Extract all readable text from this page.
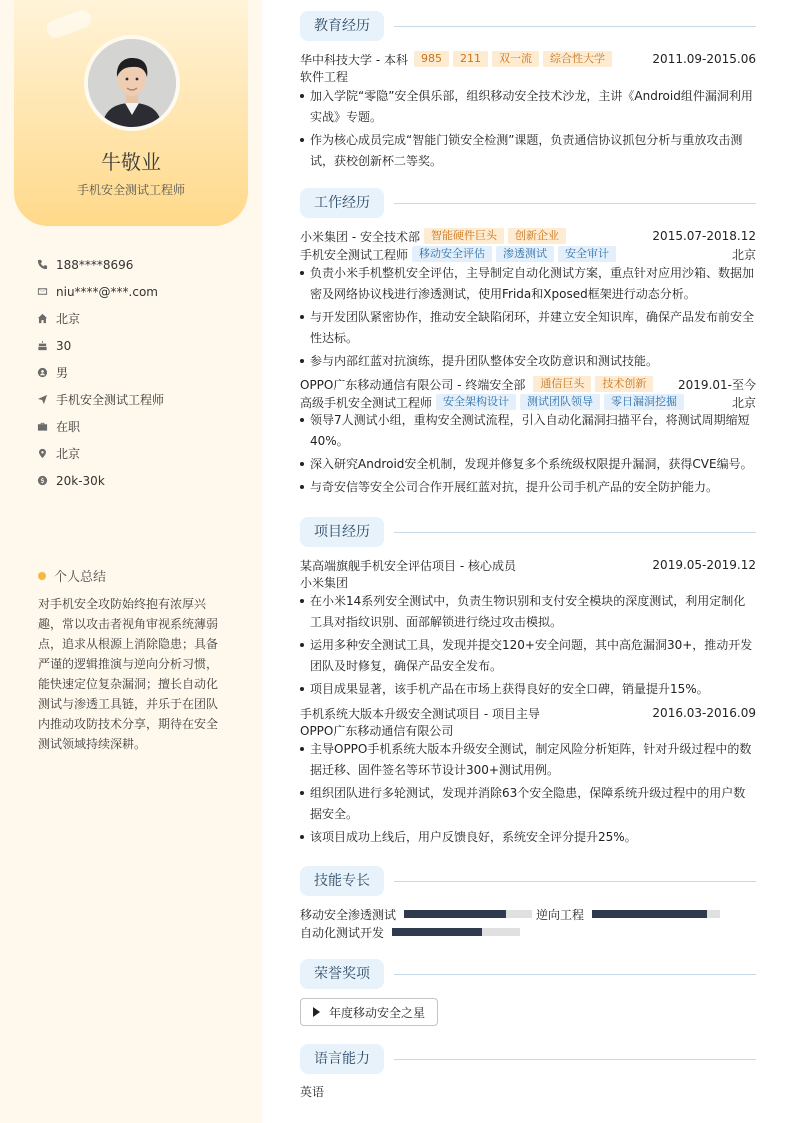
牛敬业
手机安全测试工程师
188****8696
niu****@***.com
北京
30
男
手机安全测试工程师
在职
北京
20k-30k
个人总结
对手机安全攻防始终抱有浓厚兴趣，常以攻击者视角审视系统薄弱点，追求从根源上消除隐患；具备严谨的逻辑推演与逆向分析习惯，能快速定位复杂漏洞；擅长自动化测试与渗透工具链，并乐于在团队内推动攻防技术分享，期待在安全测试领域持续深耕。
教育经历
华中科技大学 - 本科	985	211	双一流	综合性大学	2011.09-2015.06
软件工程
加入学院“零隐”安全俱乐部，组织移动安全技术沙龙，主讲《Android组件漏洞利用实战》专题。
作为核心成员完成“智能门锁安全检测”课题，负责通信协议抓包分析与重放攻击测试，获校创新杯二等奖。
工作经历
小米集团 - 安全技术部	智能硬件巨头	创新企业	2015.07-2018.12
手机安全测试工程师	移动安全评估	渗透测试	安全审计	北京
负责小米手机整机安全评估，主导制定自动化测试方案，重点针对应用沙箱、数据加密及网络协议栈进行渗透测试，使用Frida和Xposed框架进行动态分析。
与开发团队紧密协作，推动安全缺陷闭环，并建立安全知识库，确保产品发布前安全性达标。
参与内部红蓝对抗演练，提升团队整体安全攻防意识和测试技能。
OPPO广东移动通信有限公司 - 终端安全部	通信巨头	技术创新	2019.01-至今
高级手机安全测试工程师	安全架构设计	测试团队领导	零日漏洞挖掘	北京
领导7人测试小组，重构安全测试流程，引入自动化漏洞扫描平台，将测试周期缩短40%。
深入研究Android安全机制，发现并修复多个系统级权限提升漏洞，获得CVE编号。
与奇安信等安全公司合作开展红蓝对抗，提升公司手机产品的安全防护能力。
项目经历
某高端旗舰手机安全评估项目 - 核心成员	2019.05-2019.12
小米集团
在小米14系列安全测试中，负责生物识别和支付安全模块的深度测试，利用定制化工具对指纹识别、面部解锁进行绕过攻击模拟。
运用多种安全测试工具，发现并提交120+安全问题，其中高危漏洞30+，推动开发团队及时修复，确保产品安全发布。
项目成果显著，该手机产品在市场上获得良好的安全口碑，销量提升15%。
手机系统大版本升级安全测试项目 - 项目主导	2016.03-2016.09
OPPO广东移动通信有限公司
主导OPPO手机系统大版本升级安全测试，制定风险分析矩阵，针对升级过程中的数据迁移、固件签名等环节设计300+测试用例。
组织团队进行多轮测试，发现并消除63个安全隐患，保障系统升级过程中的用户数据安全。
该项目成功上线后，用户反馈良好，系统安全评分提升25%。
技能专长
移动安全渗透测试	逆向工程
自动化测试开发
荣誉奖项
年度移动安全之星
语言能力
英语
